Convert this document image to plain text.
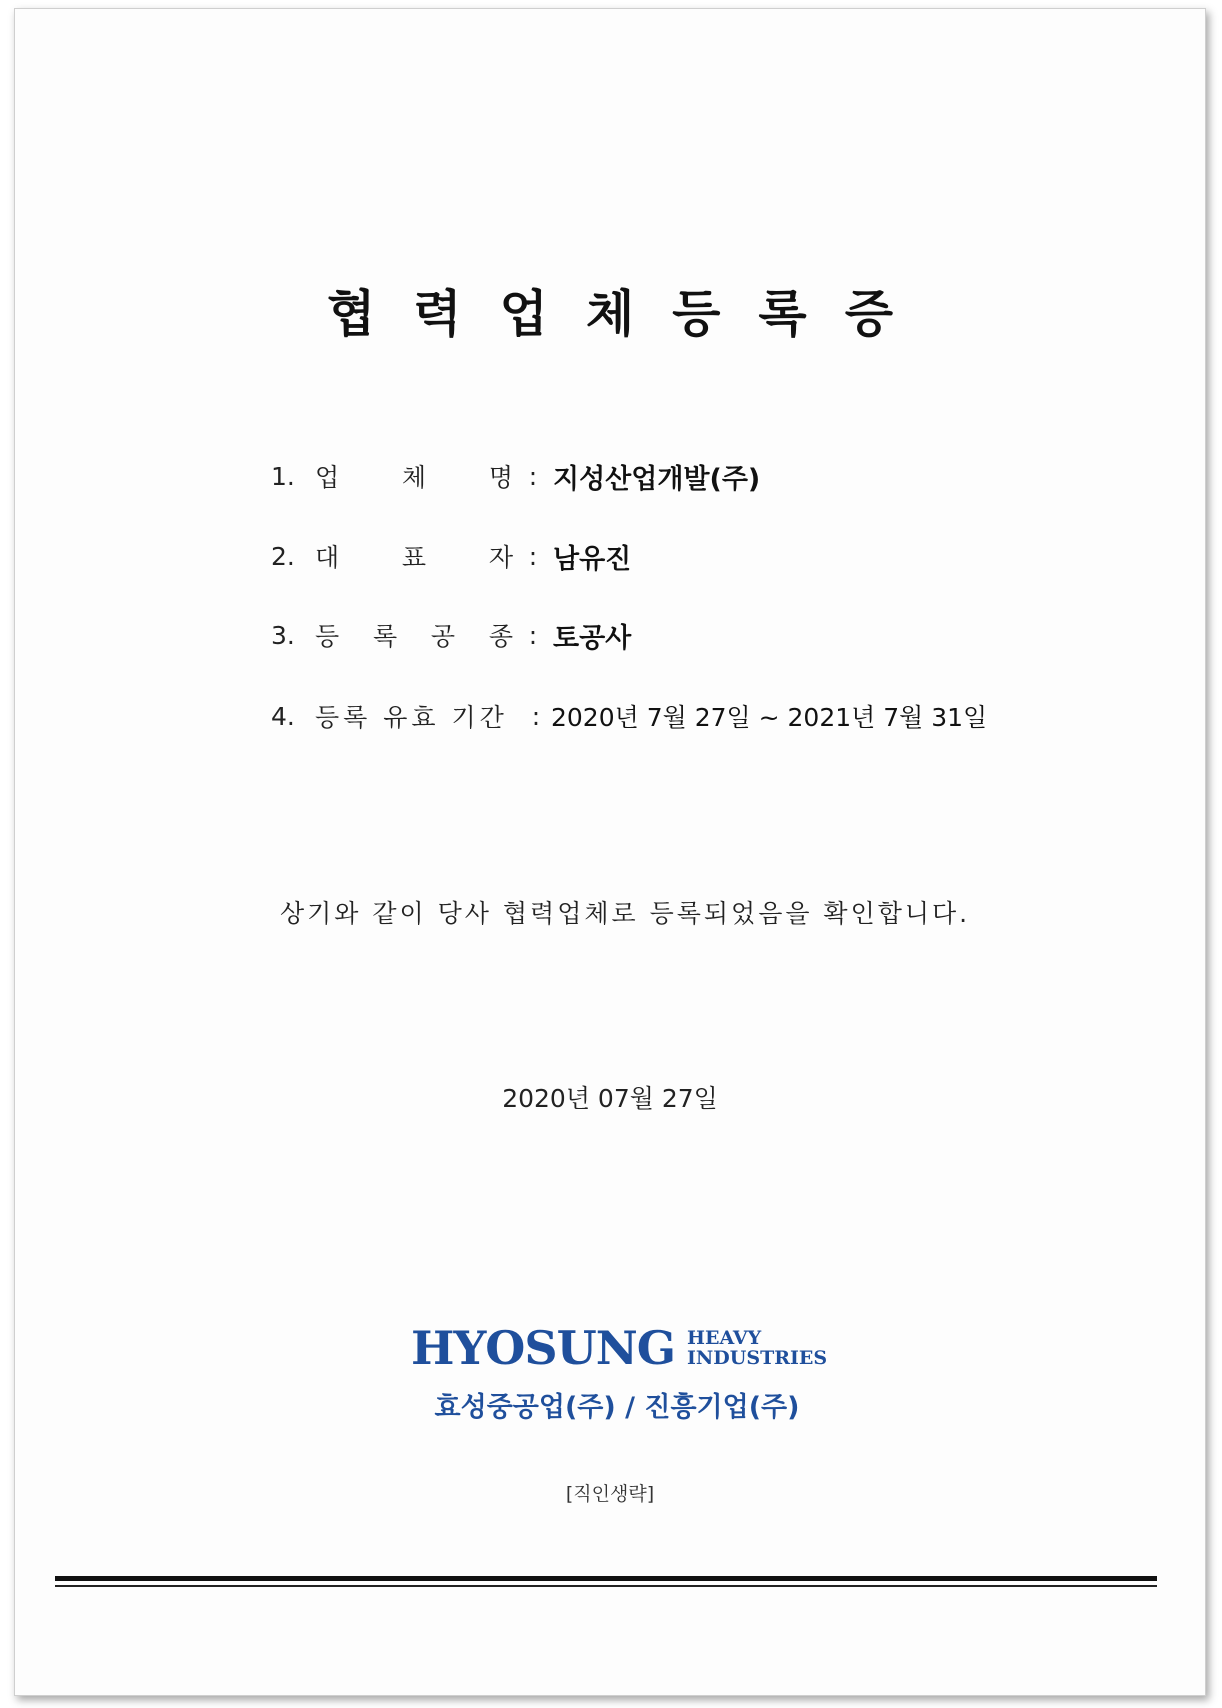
협력업체등록증
1. 업	체	명 : 지성산업개발(주)
2. 대	표	자 : 남유진
3. 등 록 공 종 : 토공사
4. 등록 유효 기간 : 2020년 7월 27일 ~ 2021년 7월 31일
상기와 같이 당사 협력업체로 등록되었음을 확인합니다.
2020년 07월 27일
HYOSUNG HEAVY
INDUSTRIES
효성중공업(주) / 진흥기업(주)
[직인생략]
